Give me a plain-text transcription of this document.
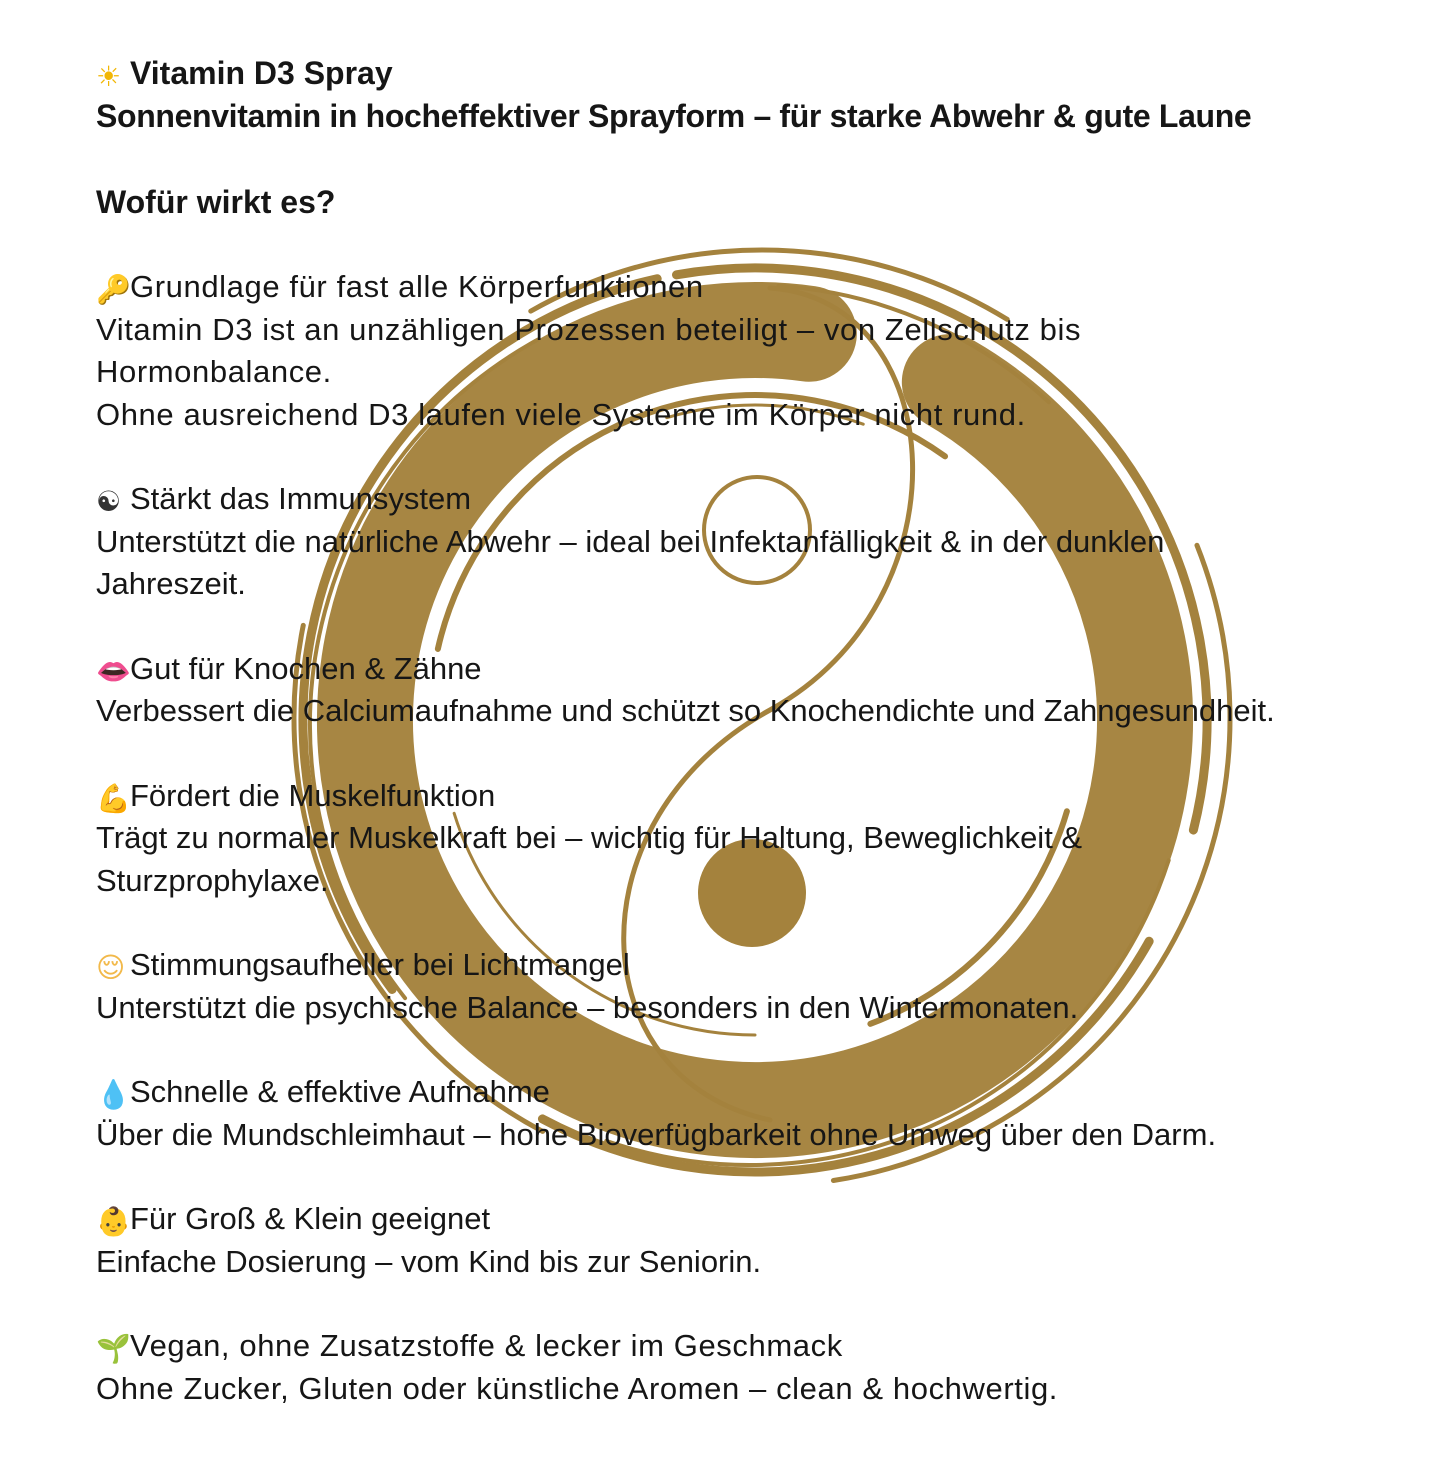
☀ Vitamin D3 Spray
Sonnenvitamin in hocheffektiver Sprayform – für starke Abwehr & gute Laune
Wofür wirkt es?

🔑Grundlage für fast alle Körperfunktionen

Vitamin D3 ist an unzähligen Prozessen beteiligt – von Zellschutz bis

Hormonbalance.

Ohne ausreichend D3 laufen viele Systeme im Körper nicht rund.

☯ Stärkt das Immunsystem

Unterstützt die natürliche Abwehr – ideal bei Infektanfälligkeit & in der dunklen

Jahreszeit.

👄Gut für Knochen & Zähne

Verbessert die Calciumaufnahme und schützt so Knochendichte und Zahngesundheit.

💪Fördert die Muskelfunktion

Trägt zu normaler Muskelkraft bei – wichtig für Haltung, Beweglichkeit &

Sturzprophylaxe.

😌 Stimmungsaufheller bei Lichtmangel

Unterstützt die psychische Balance – besonders in den Wintermonaten.

💧Schnelle & effektive Aufnahme

Über die Mundschleimhaut – hohe Bioverfügbarkeit ohne Umweg über den Darm.

👶Für Groß & Klein geeignet

Einfache Dosierung – vom Kind bis zur Seniorin.

🌱Vegan, ohne Zusatzstoffe & lecker im Geschmack

Ohne Zucker, Gluten oder künstliche Aromen – clean & hochwertig.
